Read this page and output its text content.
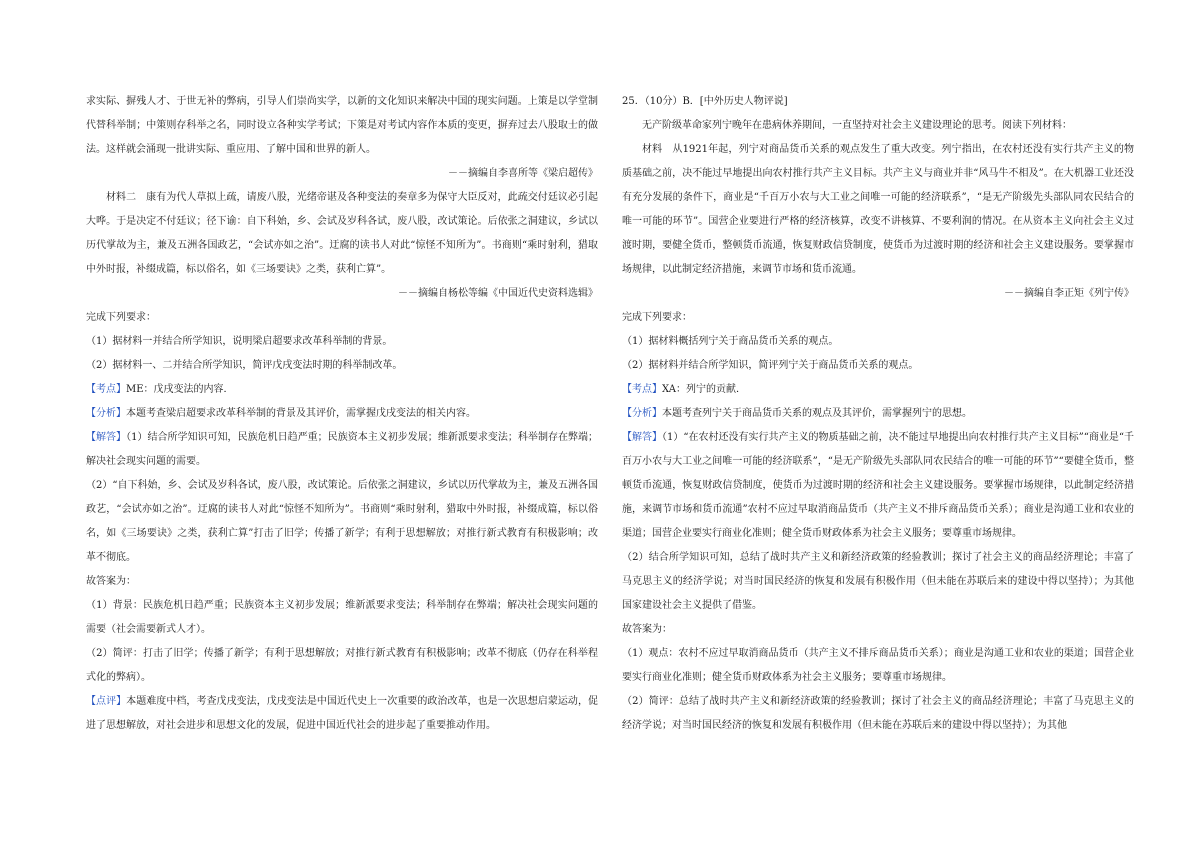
求实际、摒残人才、于世无补的弊病，引导人们崇尚实学，以新的文化知识来解决中国的现实问题。上策是以学堂制代替科举制；中策则存科举之名，同时设立各种实学考试；下策是对考试内容作本质的变更，摒弃过去八股取士的做法。这样就会涌现一批讲实际、重应用、了解中国和世界的新人。

－－摘编自李喜所等《梁启超传》

材料二　康有为代人草拟上疏，请废八股，光绪帝谌及各种变法的奏章多为保守大臣反对，此疏交付廷议必引起大哗。于是决定不付廷议；径下谕：自下科始，乡、会试及岁科各试，废八股，改试策论。后依张之洞建议，乡试以历代掌故为主，兼及五洲各国政艺，“会试亦如之治”。迂腐的读书人对此“惊怪不知所为”。书商则“乘时射利，猎取中外时报，补缀成篇，标以俗名，如《三场要诀》之类，获利亡算”。

－－摘编自杨松等编《中国近代史资料选辑》

完成下列要求：

（1）据材料一并结合所学知识，说明梁启超要求改革科举制的背景。

（2）据材料一、二并结合所学知识，简评戊戌变法时期的科举制改革。

【考点】ME：戊戌变法的内容．

【分析】本题考查梁启超要求改革科举制的背景及其评价，需掌握戊戌变法的相关内容。

【解答】（1）结合所学知识可知，民族危机日趋严重；民族资本主义初步发展；维新派要求变法；科举制存在弊端；解决社会现实问题的需要。

（2）“自下科始，乡、会试及岁科各试，废八股，改试策论。后依张之洞建议，乡试以历代掌故为主，兼及五洲各国政艺，“会试亦如之治”。迂腐的读书人对此“惊怪不知所为”。书商则“乘时射利，猎取中外时报，补缀成篇，标以俗名，如《三场要诀》之类，获利亡算”打击了旧学；传播了新学；有利于思想解放；对推行新式教育有积极影响；改革不彻底。

故答案为：

（1）背景：民族危机日趋严重；民族资本主义初步发展；维新派要求变法；科举制存在弊端；解决社会现实问题的需要（社会需要新式人才）。

（2）简评：打击了旧学；传播了新学；有利于思想解放；对推行新式教育有积极影响；改革不彻底（仍存在科举程式化的弊病）。

【点评】本题难度中档，考查戊戌变法，戊戌变法是中国近代史上一次重要的政治改革，也是一次思想启蒙运动，促进了思想解放，对社会进步和思想文化的发展，促进中国近代社会的进步起了重要推动作用。

25．（10分）B．[中外历史人物评说]

无产阶级革命家列宁晚年在患病休养期间，一直坚持对社会主义建设理论的思考。阅读下列材料：

材料　从1921年起，列宁对商品货币关系的观点发生了重大改变。列宁指出，在农村还没有实行共产主义的物质基础之前，决不能过早地提出向农村推行共产主义目标。共产主义与商业并非“风马牛不相及”。在大机器工业还没有充分发展的条件下，商业是“千百万小农与大工业之间唯一可能的经济联系”，“是无产阶级先头部队同农民结合的唯一可能的环节”。国营企业要进行严格的经济核算，改变不讲核算、不要利润的情况。在从资本主义向社会主义过渡时期，要健全货币，整顿货币流通，恢复财政信贷制度，使货币为过渡时期的经济和社会主义建设服务。要掌握市场规律，以此制定经济措施，来调节市场和货币流通。

－－摘编自李正矩《列宁传》

完成下列要求：

（1）据材料概括列宁关于商品货币关系的观点。

（2）据材料并结合所学知识，简评列宁关于商品货币关系的观点。

【考点】XA：列宁的贡献．

【分析】本题考查列宁关于商品货币关系的观点及其评价，需掌握列宁的思想。

【解答】（1）“在农村还没有实行共产主义的物质基础之前，决不能过早地提出向农村推行共产主义目标”“商业是“千百万小农与大工业之间唯一可能的经济联系”，“是无产阶级先头部队同农民结合的唯一可能的环节”“要健全货币，整顿货币流通，恢复财政信贷制度，使货币为过渡时期的经济和社会主义建设服务。要掌握市场规律，以此制定经济措施，来调节市场和货币流通”农村不应过早取消商品货币（共产主义不排斥商品货币关系）；商业是沟通工业和农业的渠道；国营企业要实行商业化准则；健全货币财政体系为社会主义服务；要尊重市场规律。

（2）结合所学知识可知，总结了战时共产主义和新经济政策的经验教训；探讨了社会主义的商品经济理论；丰富了马克思主义的经济学说；对当时国民经济的恢复和发展有积极作用（但未能在苏联后来的建设中得以坚持）；为其他国家建设社会主义提供了借鉴。

故答案为：

（1）观点：农村不应过早取消商品货币（共产主义不排斥商品货币关系）；商业是沟通工业和农业的渠道；国营企业要实行商业化准则；健全货币财政体系为社会主义服务；要尊重市场规律。

（2）简评：总结了战时共产主义和新经济政策的经验教训；探讨了社会主义的商品经济理论；丰富了马克思主义的经济学说；对当时国民经济的恢复和发展有积极作用（但未能在苏联后来的建设中得以坚持）；为其他
